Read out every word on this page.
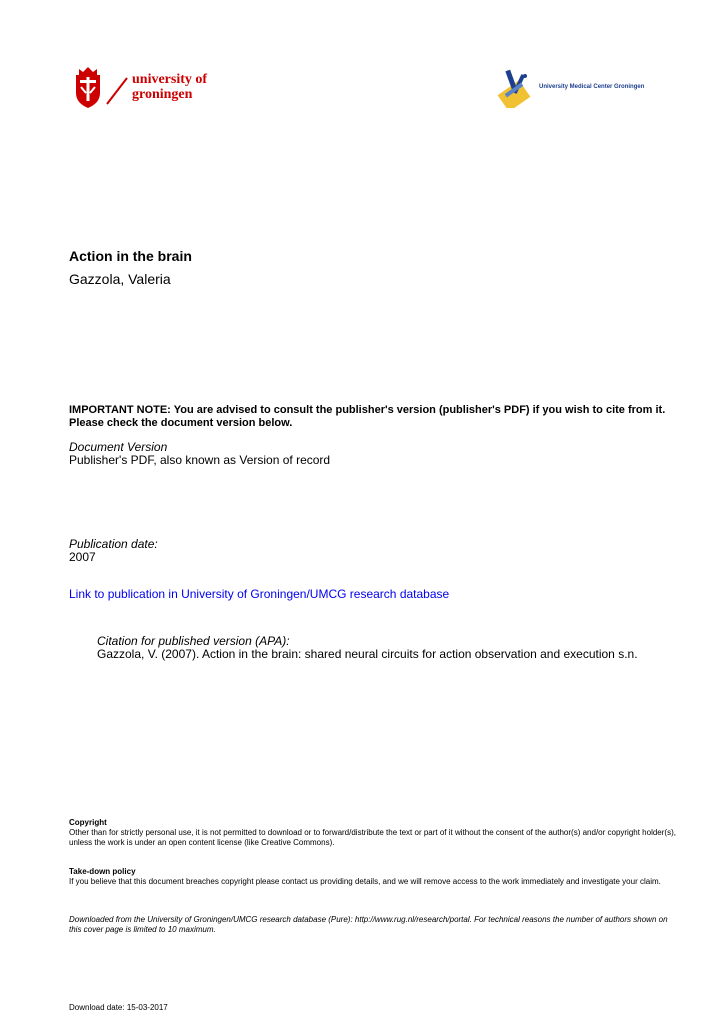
university of
groningen	University Medical Center Groningen
Action in the brain
Gazzola, Valeria
IMPORTANT NOTE: You are advised to consult the publisher's version (publisher's PDF) if you wish to cite from it. Please check the document version below.
Document Version
Publisher's PDF, also known as Version of record
Publication date:
2007
Link to publication in University of Groningen/UMCG research database
Citation for published version (APA):
Gazzola, V. (2007). Action in the brain: shared neural circuits for action observation and execution s.n.
Copyright
Other than for strictly personal use, it is not permitted to download or to forward/distribute the text or part of it without the consent of the author(s) and/or copyright holder(s), unless the work is under an open content license (like Creative Commons).
Take-down policy
If you believe that this document breaches copyright please contact us providing details, and we will remove access to the work immediately and investigate your claim.
Downloaded from the University of Groningen/UMCG research database (Pure): http://www.rug.nl/research/portal. For technical reasons the number of authors shown on this cover page is limited to 10 maximum.
Download date: 15-03-2017
